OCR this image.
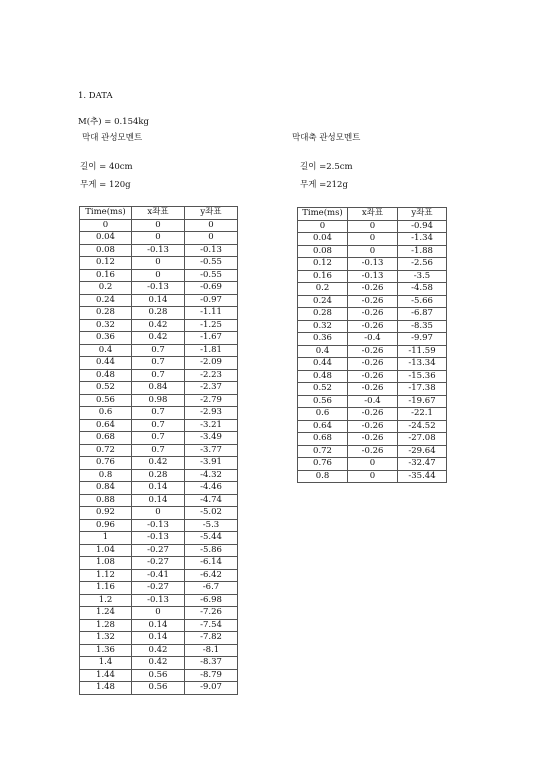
1. DATA
M(추) = 0.154kg
막대 관성모멘트
길이 = 40cm
무게 = 120g
막대축 관성모멘트
길이 =2.5cm
무게 =212g
Time(ms)	x좌표	y좌표
0	0	0
0.04	0	0
0.08	-0.13	-0.13
0.12	0	-0.55
0.16	0	-0.55
0.2	-0.13	-0.69
0.24	0.14	-0.97
0.28	0.28	-1.11
0.32	0.42	-1.25
0.36	0.42	-1.67
0.4	0.7	-1.81
0.44	0.7	-2.09
0.48	0.7	-2.23
0.52	0.84	-2.37
0.56	0.98	-2.79
0.6	0.7	-2.93
0.64	0.7	-3.21
0.68	0.7	-3.49
0.72	0.7	-3.77
0.76	0.42	-3.91
0.8	0.28	-4.32
0.84	0.14	-4.46
0.88	0.14	-4.74
0.92	0	-5.02
0.96	-0.13	-5.3
1	-0.13	-5.44
1.04	-0.27	-5.86
1.08	-0.27	-6.14
1.12	-0.41	-6.42
1.16	-0.27	-6.7
1.2	-0.13	-6.98
1.24	0	-7.26
1.28	0.14	-7.54
1.32	0.14	-7.82
1.36	0.42	-8.1
1.4	0.42	-8.37
1.44	0.56	-8.79
1.48	0.56	-9.07
Time(ms)	x좌표	y좌표
0	0	-0.94
0.04	0	-1.34
0.08	0	-1.88
0.12	-0.13	-2.56
0.16	-0.13	-3.5
0.2	-0.26	-4.58
0.24	-0.26	-5.66
0.28	-0.26	-6.87
0.32	-0.26	-8.35
0.36	-0.4	-9.97
0.4	-0.26	-11.59
0.44	-0.26	-13.34
0.48	-0.26	-15.36
0.52	-0.26	-17.38
0.56	-0.4	-19.67
0.6	-0.26	-22.1
0.64	-0.26	-24.52
0.68	-0.26	-27.08
0.72	-0.26	-29.64
0.76	0	-32.47
0.8	0	-35.44
